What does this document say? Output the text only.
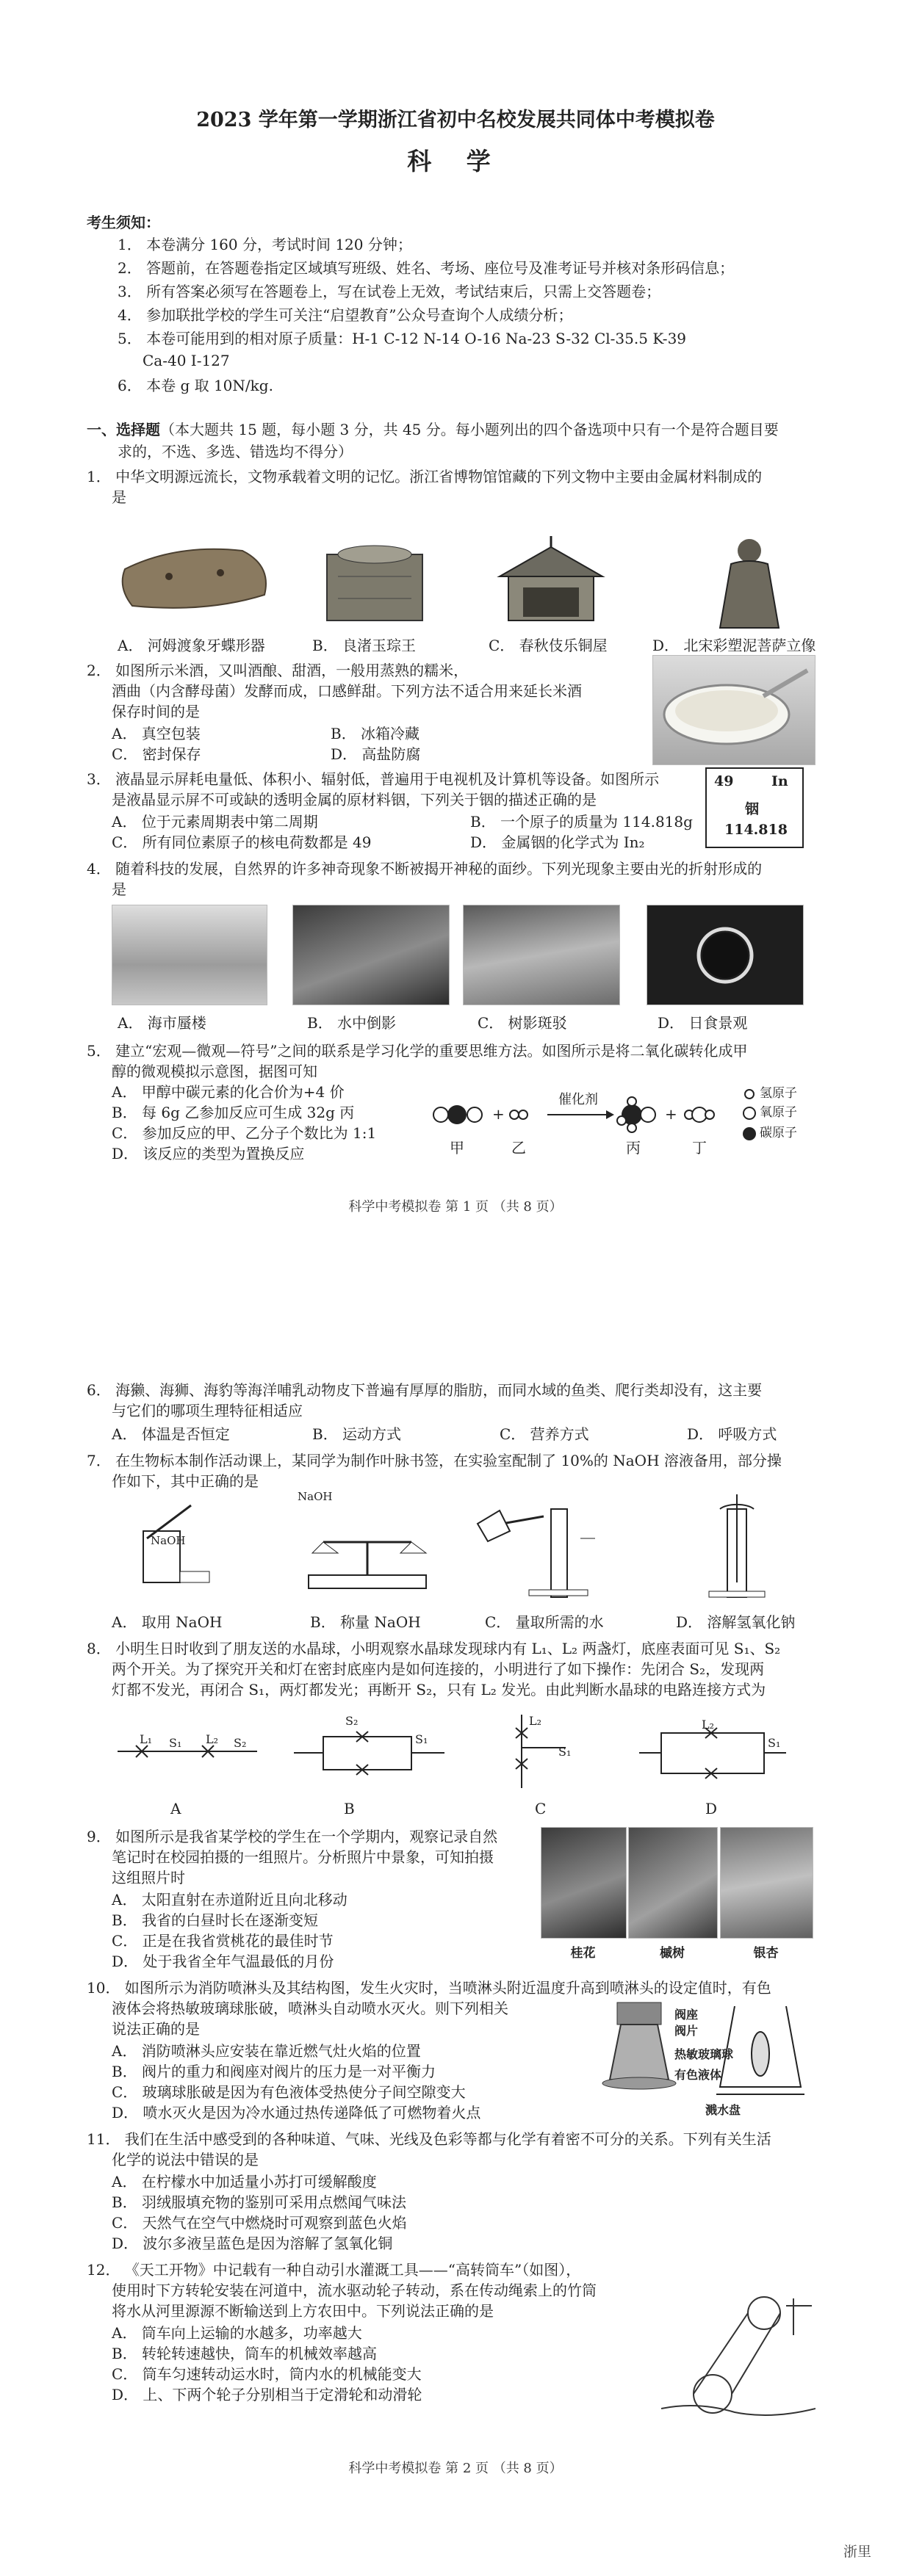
2023 学年第一学期浙江省初中名校发展共同体中考模拟卷
科 学
考生须知：
1． 本卷满分 160 分，考试时间 120 分钟；
2． 答题前，在答题卷指定区域填写班级、姓名、考场、座位号及准考证号并核对条形码信息；
3． 所有答案必须写在答题卷上，写在试卷上无效，考试结束后，只需上交答题卷；
4． 参加联批学校的学生可关注“启望教育”公众号查询个人成绩分析；
5． 本卷可能用到的相对原子质量：H-1 C-12 N-14 O-16 Na-23 S-32 Cl-35.5 K-39
Ca-40 I-127
6． 本卷 g 取 10N/kg.
一、选择题（本大题共 15 题，每小题 3 分，共 45 分。每小题列出的四个备选项中只有一个是符合题目要
求的，不选、多选、错选均不得分）
1． 中华文明源远流长，文物承载着文明的记忆。浙江省博物馆馆藏的下列文物中主要由金属材料制成的
是
A． 河姆渡象牙蝶形器	B． 良渚玉琮王	C． 春秋伎乐铜屋	D． 北宋彩塑泥菩萨立像
2． 如图所示米酒，又叫酒酿、甜酒，一般用蒸熟的糯米，
酒曲（内含酵母菌）发酵而成，口感鲜甜。下列方法不适合用来延长米酒
保存时间的是
A． 真空包装	B． 冰箱冷藏
C． 密封保存	D． 高盐防腐
3． 液晶显示屏耗电量低、体积小、辐射低，普遍用于电视机及计算机等设备。如图所示
是液晶显示屏不可或缺的透明金属的原材料铟，下列关于铟的描述正确的是
A． 位于元素周期表中第二周期	B． 一个原子的质量为 114.818g
C． 所有同位素原子的核电荷数都是 49	D． 金属铟的化学式为 In₂
49	In
铟
114.818
4． 随着科技的发展，自然界的许多神奇现象不断被揭开神秘的面纱。下列光现象主要由光的折射形成的
是
A． 海市蜃楼	B． 水中倒影	C． 树影斑驳	D． 日食景观
5． 建立“宏观—微观—符号”之间的联系是学习化学的重要思维方法。如图所示是将二氧化碳转化成甲
醇的微观模拟示意图，据图可知
A． 甲醇中碳元素的化合价为+4 价
B． 每 6g 乙参加反应可生成 32g 丙
C． 参加反应的甲、乙分子个数比为 1:1
D． 该反应的类型为置换反应
+	+
催化剂
甲	乙	丙	丁
氢原子
氧原子
碳原子
科学中考模拟卷 第 1 页 （共 8 页）
6． 海獭、海狮、海豹等海洋哺乳动物皮下普遍有厚厚的脂肪，而同水域的鱼类、爬行类却没有，这主要
与它们的哪项生理特征相适应
A． 体温是否恒定	B． 运动方式	C． 营养方式	D． 呼吸方式
7． 在生物标本制作活动课上，某同学为制作叶脉书签，在实验室配制了 10%的 NaOH 溶液备用，部分操
作如下，其中正确的是
NaOH
NaOH
A． 取用 NaOH	B． 称量 NaOH	C． 量取所需的水	D． 溶解氢氧化钠
8． 小明生日时收到了朋友送的水晶球，小明观察水晶球发现球内有 L₁、L₂ 两盏灯，底座表面可见 S₁、S₂
两个开关。为了探究开关和灯在密封底座内是如何连接的，小明进行了如下操作：先闭合 S₂，发现两
灯都不发光，再闭合 S₁，两灯都发光；再断开 S₂，只有 L₂ 发光。由此判断水晶球的电路连接方式为
L₁ S₁ L₂ S₂
S₂
S₁
L₂
S₁
L₂
S₁
A	B	C	D
9． 如图所示是我省某学校的学生在一个学期内，观察记录自然
笔记时在校园拍摄的一组照片。分析照片中景象，可知拍摄
这组照片时
A． 太阳直射在赤道附近且向北移动
B． 我省的白昼时长在逐渐变短
C． 正是在我省赏桃花的最佳时节
D． 处于我省全年气温最低的月份	桂花	槭树	银杏
10． 如图所示为消防喷淋头及其结构图，发生火灾时，当喷淋头附近温度升高到喷淋头的设定值时，有色
液体会将热敏玻璃球胀破，喷淋头自动喷水灭火。则下列相关
说法正确的是
A． 消防喷淋头应安装在靠近燃气灶火焰的位置
B． 阀片的重力和阀座对阀片的压力是一对平衡力
C． 玻璃球胀破是因为有色液体受热使分子间空隙变大
D． 喷水灭火是因为冷水通过热传递降低了可燃物着火点
阀座
阀片
热敏玻璃球
有色液体
溅水盘
11． 我们在生活中感受到的各种味道、气味、光线及色彩等都与化学有着密不可分的关系。下列有关生活
化学的说法中错误的是
A． 在柠檬水中加适量小苏打可缓解酸度
B． 羽绒服填充物的鉴别可采用点燃闻气味法
C． 天然气在空气中燃烧时可观察到蓝色火焰
D． 波尔多液呈蓝色是因为溶解了氢氧化铜
12． 《天工开物》中记载有一种自动引水灌溉工具——“高转筒车”（如图），
使用时下方转轮安装在河道中，流水驱动轮子转动，系在传动绳索上的竹筒
将水从河里源源不断输送到上方农田中。下列说法正确的是
A． 筒车向上运输的水越多，功率越大
B． 转轮转速越快，筒车的机械效率越高
C． 筒车匀速转动运水时，筒内水的机械能变大
D． 上、下两个轮子分别相当于定滑轮和动滑轮
科学中考模拟卷 第 2 页 （共 8 页）
浙里
